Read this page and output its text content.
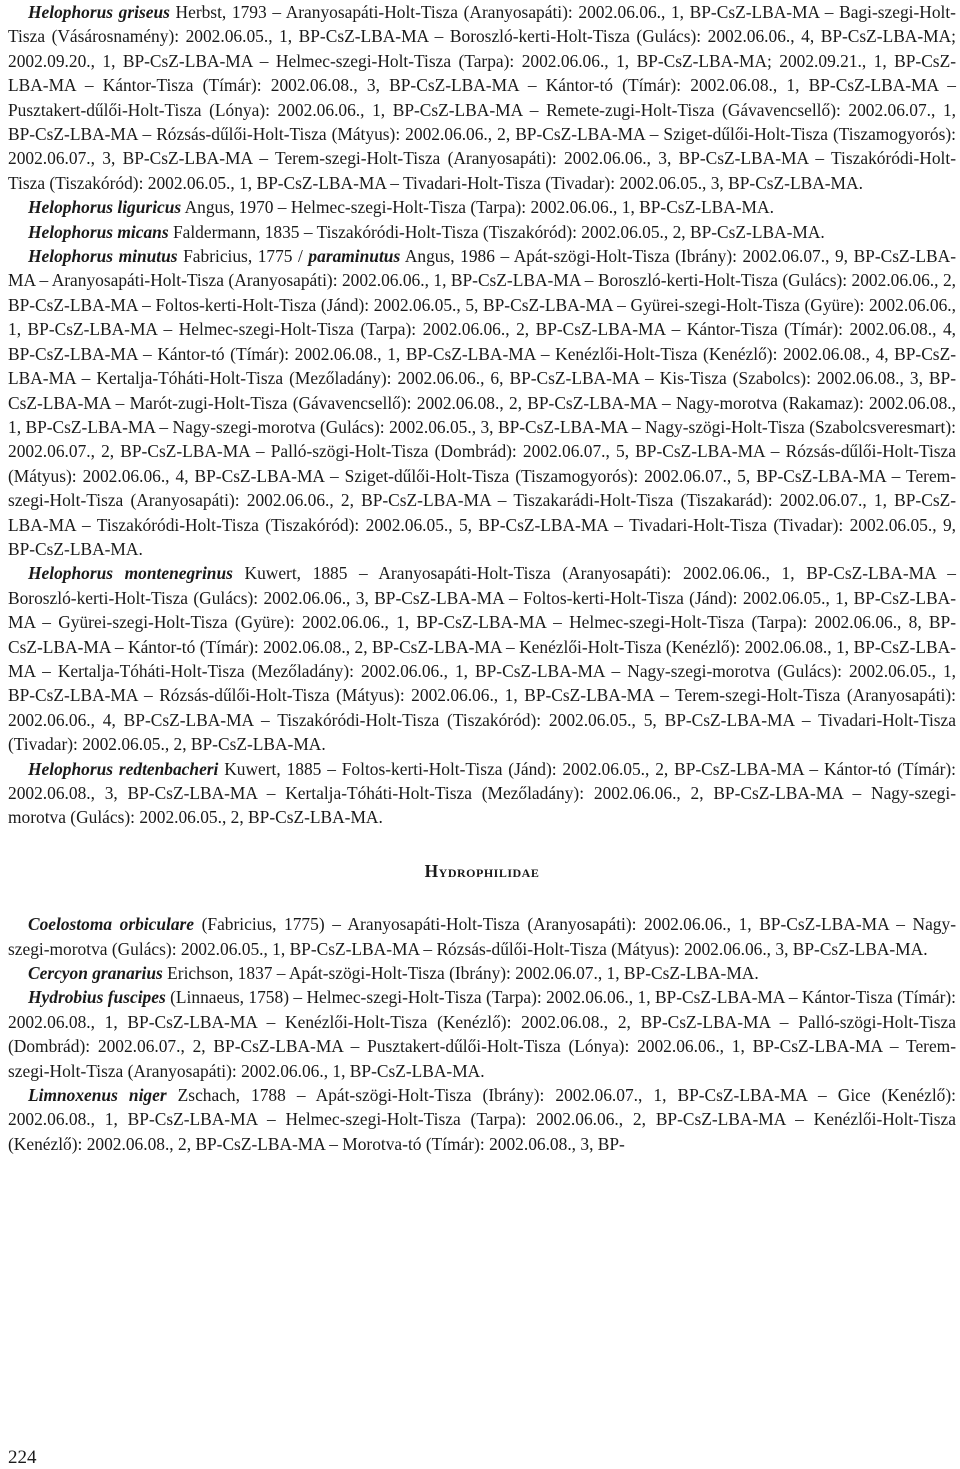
Helophorus griseus Herbst, 1793 – Aranyosapáti-Holt-Tisza (Aranyosapáti): 2002.06.06., 1, BP-CsZ-LBA-MA – Bagi-szegi-Holt-Tisza (Vásárosnamény): 2002.06.05., 1, BP-CsZ-LBA-MA – Boroszló-kerti-Holt-Tisza (Gulács): 2002.06.06., 4, BP-CsZ-LBA-MA; 2002.09.20., 1, BP-CsZ-LBA-MA – Helmec-szegi-Holt-Tisza (Tarpa): 2002.06.06., 1, BP-CsZ-LBA-MA; 2002.09.21., 1, BP-CsZ-LBA-MA – Kántor-Tisza (Tímár): 2002.06.08., 3, BP-CsZ-LBA-MA – Kántor-tó (Tímár): 2002.06.08., 1, BP-CsZ-LBA-MA – Pusztakert-dűlői-Holt-Tisza (Lónya): 2002.06.06., 1, BP-CsZ-LBA-MA – Remete-zugi-Holt-Tisza (Gávavencsellő): 2002.06.07., 1, BP-CsZ-LBA-MA – Rózsás-dűlői-Holt-Tisza (Mátyus): 2002.06.06., 2, BP-CsZ-LBA-MA – Sziget-dűlői-Holt-Tisza (Tiszamogyorós): 2002.06.07., 3, BP-CsZ-LBA-MA – Terem-szegi-Holt-Tisza (Aranyosapáti): 2002.06.06., 3, BP-CsZ-LBA-MA – Tiszakóródi-Holt-Tisza (Tiszakóród): 2002.06.05., 1, BP-CsZ-LBA-MA – Tivadari-Holt-Tisza (Tivadar): 2002.06.05., 3, BP-CsZ-LBA-MA.

Helophorus liguricus Angus, 1970 – Helmec-szegi-Holt-Tisza (Tarpa): 2002.06.06., 1, BP-CsZ-LBA-MA.

Helophorus micans Faldermann, 1835 – Tiszakóródi-Holt-Tisza (Tiszakóród): 2002.06.05., 2, BP-CsZ-LBA-MA.

Helophorus minutus Fabricius, 1775 / paraminutus Angus, 1986 – Apát-szögi-Holt-Tisza (Ibrány): 2002.06.07., 9, BP-CsZ-LBA-MA – Aranyosapáti-Holt-Tisza (Aranyosapáti): 2002.06.06., 1, BP-CsZ-LBA-MA – Boroszló-kerti-Holt-Tisza (Gulács): 2002.06.06., 2, BP-CsZ-LBA-MA – Foltos-kerti-Holt-Tisza (Jánd): 2002.06.05., 5, BP-CsZ-LBA-MA – Gyürei-szegi-Holt-Tisza (Gyüre): 2002.06.06., 1, BP-CsZ-LBA-MA – Helmec-szegi-Holt-Tisza (Tarpa): 2002.06.06., 2, BP-CsZ-LBA-MA – Kántor-Tisza (Tímár): 2002.06.08., 4, BP-CsZ-LBA-MA – Kántor-tó (Tímár): 2002.06.08., 1, BP-CsZ-LBA-MA – Kenézlői-Holt-Tisza (Kenézlő): 2002.06.08., 4, BP-CsZ-LBA-MA – Kertalja-Tóháti-Holt-Tisza (Mezőladány): 2002.06.06., 6, BP-CsZ-LBA-MA – Kis-Tisza (Szabolcs): 2002.06.08., 3, BP-CsZ-LBA-MA – Marót-zugi-Holt-Tisza (Gávavencsellő): 2002.06.08., 2, BP-CsZ-LBA-MA – Nagy-morotva (Rakamaz): 2002.06.08., 1, BP-CsZ-LBA-MA – Nagy-szegi-morotva (Gulács): 2002.06.05., 3, BP-CsZ-LBA-MA – Nagy-szögi-Holt-Tisza (Szabolcsveresmart): 2002.06.07., 2, BP-CsZ-LBA-MA – Palló-szögi-Holt-Tisza (Dombrád): 2002.06.07., 5, BP-CsZ-LBA-MA – Rózsás-dűlői-Holt-Tisza (Mátyus): 2002.06.06., 4, BP-CsZ-LBA-MA – Sziget-dűlői-Holt-Tisza (Tiszamogyorós): 2002.06.07., 5, BP-CsZ-LBA-MA – Terem-szegi-Holt-Tisza (Aranyosapáti): 2002.06.06., 2, BP-CsZ-LBA-MA – Tiszakarádi-Holt-Tisza (Tiszakarád): 2002.06.07., 1, BP-CsZ-LBA-MA – Tiszakóródi-Holt-Tisza (Tiszakóród): 2002.06.05., 5, BP-CsZ-LBA-MA – Tivadari-Holt-Tisza (Tivadar): 2002.06.05., 9, BP-CsZ-LBA-MA.

Helophorus montenegrinus Kuwert, 1885 – Aranyosapáti-Holt-Tisza (Aranyosapáti): 2002.06.06., 1, BP-CsZ-LBA-MA – Boroszló-kerti-Holt-Tisza (Gulács): 2002.06.06., 3, BP-CsZ-LBA-MA – Foltos-kerti-Holt-Tisza (Jánd): 2002.06.05., 1, BP-CsZ-LBA-MA – Gyürei-szegi-Holt-Tisza (Gyüre): 2002.06.06., 1, BP-CsZ-LBA-MA – Helmec-szegi-Holt-Tisza (Tarpa): 2002.06.06., 8, BP-CsZ-LBA-MA – Kántor-tó (Tímár): 2002.06.08., 2, BP-CsZ-LBA-MA – Kenézlői-Holt-Tisza (Kenézlő): 2002.06.08., 1, BP-CsZ-LBA-MA – Kertalja-Tóháti-Holt-Tisza (Mezőladány): 2002.06.06., 1, BP-CsZ-LBA-MA – Nagy-szegi-morotva (Gulács): 2002.06.05., 1, BP-CsZ-LBA-MA – Rózsás-dűlői-Holt-Tisza (Mátyus): 2002.06.06., 1, BP-CsZ-LBA-MA – Terem-szegi-Holt-Tisza (Aranyosapáti): 2002.06.06., 4, BP-CsZ-LBA-MA – Tiszakóródi-Holt-Tisza (Tiszakóród): 2002.06.05., 5, BP-CsZ-LBA-MA – Tivadari-Holt-Tisza (Tivadar): 2002.06.05., 2, BP-CsZ-LBA-MA.

Helophorus redtenbacheri Kuwert, 1885 – Foltos-kerti-Holt-Tisza (Jánd): 2002.06.05., 2, BP-CsZ-LBA-MA – Kántor-tó (Tímár): 2002.06.08., 3, BP-CsZ-LBA-MA – Kertalja-Tóháti-Holt-Tisza (Mezőladány): 2002.06.06., 2, BP-CsZ-LBA-MA – Nagy-szegi-morotva (Gulács): 2002.06.05., 2, BP-CsZ-LBA-MA.

Hydrophilidae

Coelostoma orbiculare (Fabricius, 1775) – Aranyosapáti-Holt-Tisza (Aranyosapáti): 2002.06.06., 1, BP-CsZ-LBA-MA – Nagy-szegi-morotva (Gulács): 2002.06.05., 1, BP-CsZ-LBA-MA – Rózsás-dűlői-Holt-Tisza (Mátyus): 2002.06.06., 3, BP-CsZ-LBA-MA.

Cercyon granarius Erichson, 1837 – Apát-szögi-Holt-Tisza (Ibrány): 2002.06.07., 1, BP-CsZ-LBA-MA.

Hydrobius fuscipes (Linnaeus, 1758) – Helmec-szegi-Holt-Tisza (Tarpa): 2002.06.06., 1, BP-CsZ-LBA-MA – Kántor-Tisza (Tímár): 2002.06.08., 1, BP-CsZ-LBA-MA – Kenézlői-Holt-Tisza (Kenézlő): 2002.06.08., 2, BP-CsZ-LBA-MA – Palló-szögi-Holt-Tisza (Dombrád): 2002.06.07., 2, BP-CsZ-LBA-MA – Pusztakert-dűlői-Holt-Tisza (Lónya): 2002.06.06., 1, BP-CsZ-LBA-MA – Terem-szegi-Holt-Tisza (Aranyosapáti): 2002.06.06., 1, BP-CsZ-LBA-MA.

Limnoxenus niger Zschach, 1788 – Apát-szögi-Holt-Tisza (Ibrány): 2002.06.07., 1, BP-CsZ-LBA-MA – Gice (Kenézlő): 2002.06.08., 1, BP-CsZ-LBA-MA – Helmec-szegi-Holt-Tisza (Tarpa): 2002.06.06., 2, BP-CsZ-LBA-MA – Kenézlői-Holt-Tisza (Kenézlő): 2002.06.08., 2, BP-CsZ-LBA-MA – Morotva-tó (Tímár): 2002.06.08., 3, BP-

224
